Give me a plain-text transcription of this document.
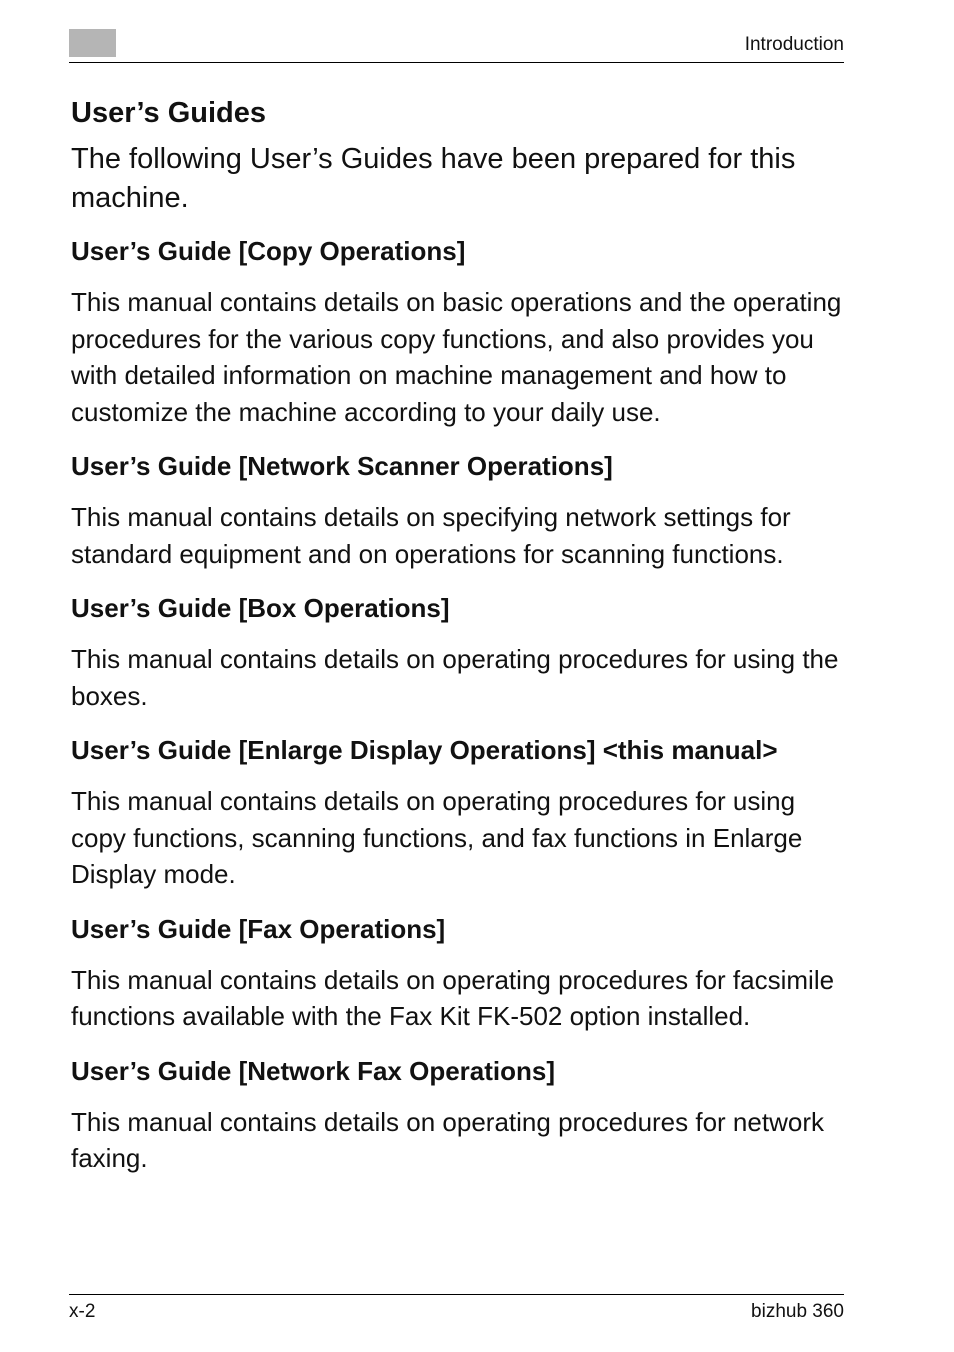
Introduction
User’s Guides
The following User’s Guides have been prepared for this machine.
User’s Guide [Copy Operations]
This manual contains details on basic operations and the operating procedures for the various copy functions, and also provides you with detailed information on machine management and how to customize the machine according to your daily use.
User’s Guide [Network Scanner Operations]
This manual contains details on specifying network settings for standard equipment and on operations for scanning functions.
User’s Guide [Box Operations]
This manual contains details on operating procedures for using the boxes.
User’s Guide [Enlarge Display Operations] <this manual>
This manual contains details on operating procedures for using copy functions, scanning functions, and fax functions in Enlarge Display mode.
User’s Guide [Fax Operations]
This manual contains details on operating procedures for facsimile functions available with the Fax Kit FK-502 option installed.
User’s Guide [Network Fax Operations]
This manual contains details on operating procedures for network faxing.
x-2	bizhub 360
